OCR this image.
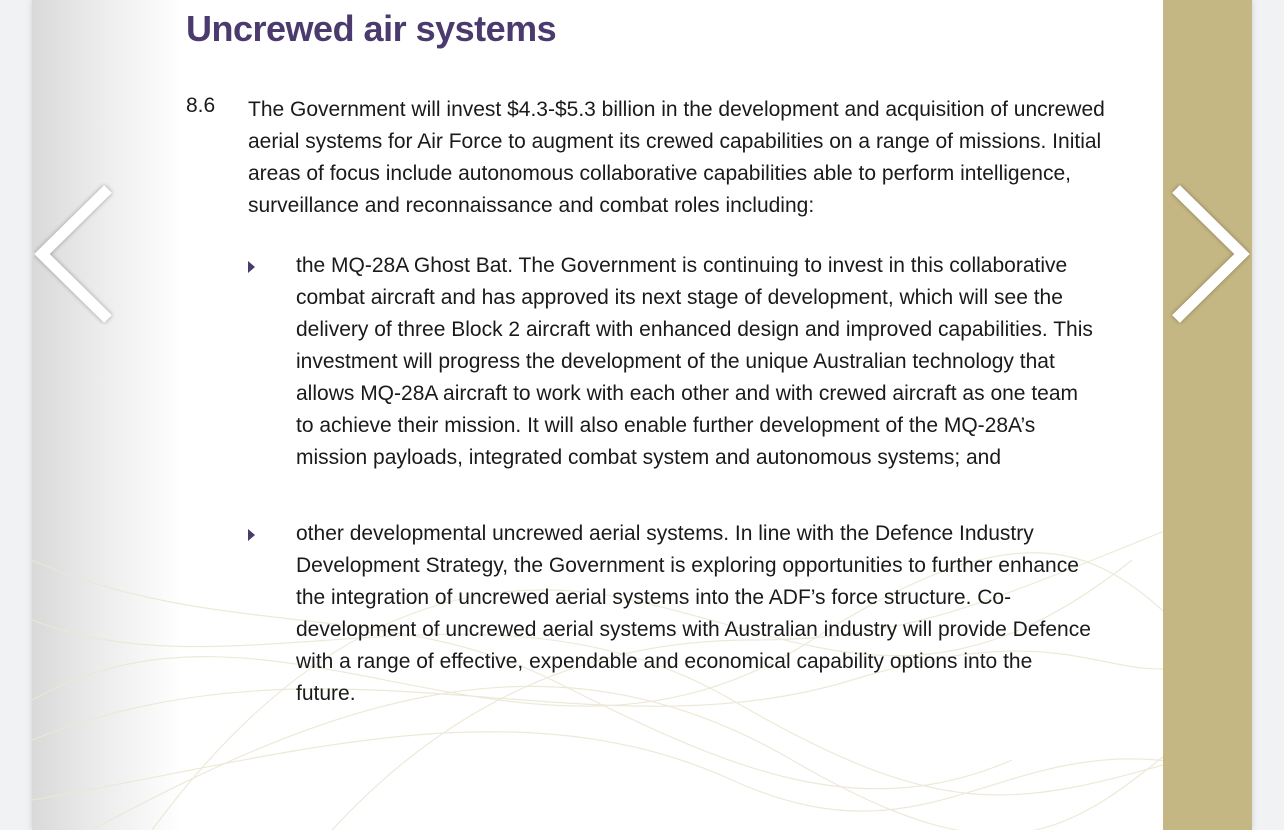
Uncrewed air systems
8.6 The Government will invest $4.3-$5.3 billion in the development and acquisition of uncrewed aerial systems for Air Force to augment its crewed capabilities on a range of missions. Initial areas of focus include autonomous collaborative capabilities able to perform intelligence, surveillance and reconnaissance and combat roles including:

the MQ-28A Ghost Bat. The Government is continuing to invest in this collaborative combat aircraft and has approved its next stage of development, which will see the delivery of three Block 2 aircraft with enhanced design and improved capabilities. This investment will progress the development of the unique Australian technology that allows MQ-28A aircraft to work with each other and with crewed aircraft as one team to achieve their mission. It will also enable further development of the MQ-28A’s mission payloads, integrated combat system and autonomous systems; and

other developmental uncrewed aerial systems. In line with the Defence Industry Development Strategy, the Government is exploring opportunities to further enhance the integration of uncrewed aerial systems into the ADF’s force structure. Co-development of uncrewed aerial systems with Australian industry will provide Defence with a range of effective, expendable and economical capability options into the future.
